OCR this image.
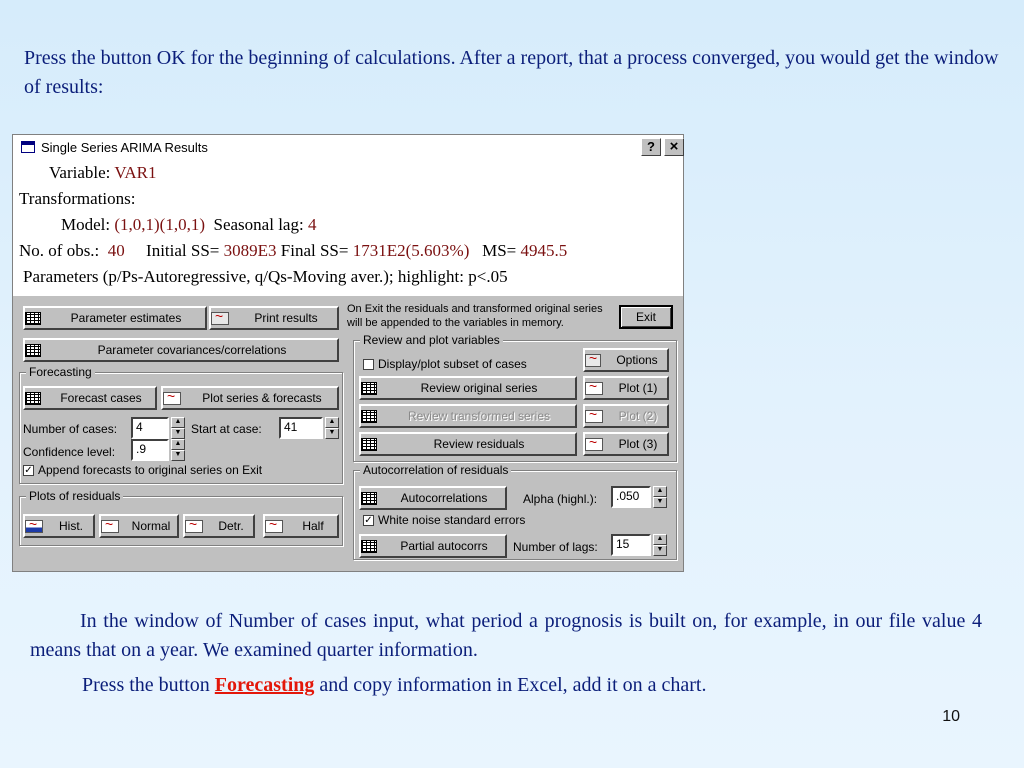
Press the button OK for the beginning of calculations. After a report, that a process converged, you would get the window of results:
Single Series ARIMA Results	? ×
Variable: VAR1
Transformations:
Model: (1,0,1)(1,0,1) Seasonal lag: 4
No. of obs.: 40 Initial SS= 3089E3 Final SS= 1731E2(5.603%) MS= 4945.5
Parameters (p/Ps-Autoregressive, q/Qs-Moving aver.); highlight: p<.05
Parameter estimates ~	Print results
Parameter covariances/correlations
On Exit the residuals and transformed original series will be appended to the variables in memory.	Exit
Forecasting
Forecast cases ~	Plot series & forecasts
Number of cases:	4	▲
▼ Start at case:	41	▲
▼
Confidence level:	.9	▲
▼
✓ Append forecasts to original series on Exit
Plots of residuals
~
Hist. ~	Normal ~	Detr. ~	Half
Review and plot variables
Display/plot subset of cases ~	Options
Review original series ~	Plot (1)
Review transformed series ~	Plot (2)
Review residuals ~	Plot (3)
Autocorrelation of residuals
Autocorrelations	Alpha (highl.):	.050	▲
▼
✓ White noise standard errors
Partial autocorrs	Number of lags:	15	▲
▼
In the window of Number of cases input, what period a prognosis is built on, for example, in our file value 4 means that on a year. We examined quarter information.
Press the button Forecasting and copy information in Excel, add it on a chart.
10
